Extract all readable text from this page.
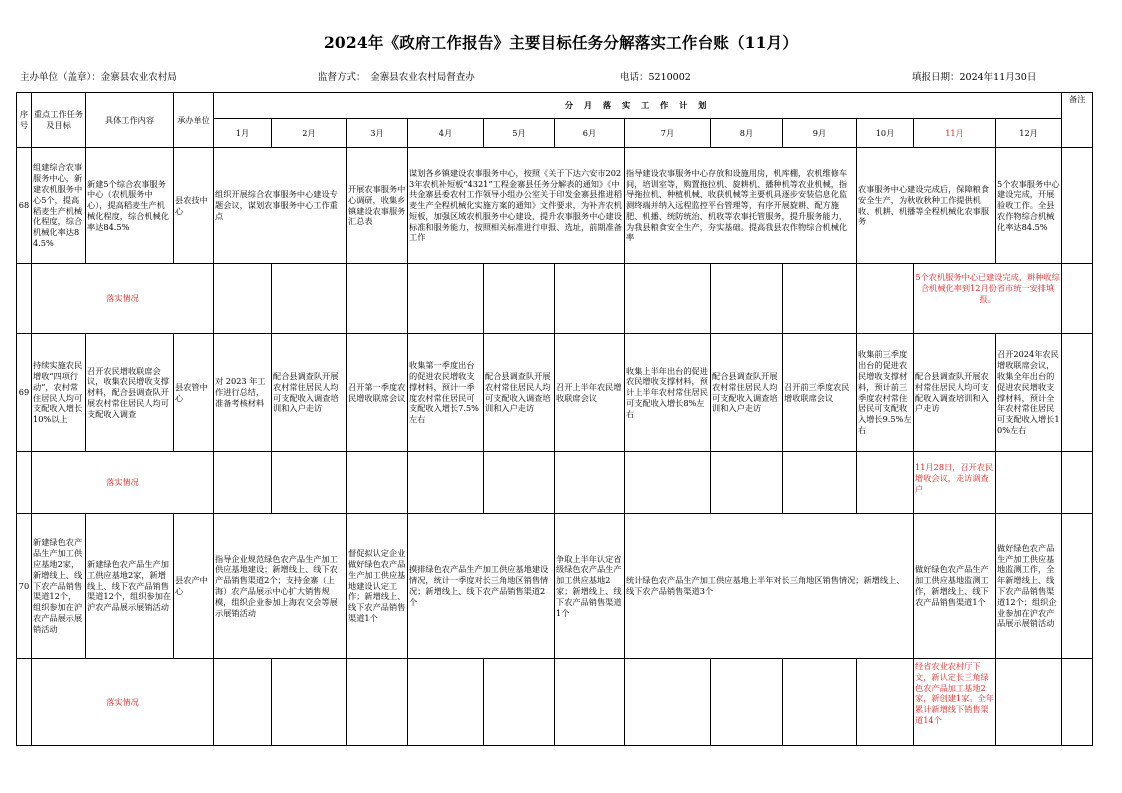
2024年《政府工作报告》主要目标任务分解落实工作台账（11月）
主办单位（盖章）：金寨县农业农村局	监督方式：　金寨县农业农村局督查办	电话：5210002	填报日期：2024年11月30日
序号	重点工作任务及目标	具体工作内容	承办单位	分 月 落 实 工 作 计 划												备注
				1月	2月	3月	4月	5月	6月	7月	8月	9月	10月	11月	12月	
68	组建综合农事服务中心，新建农机服务中心5个，提高稻麦生产机械化程度，综合机械化率达84.5%	新建5个综合农事服务中心（农机服务中心），提高稻麦生产机械化程度，综合机械化率达84.5%	县农技中心	组织开展综合农事服务中心建设专题会议，谋划农事服务中心工作重点		开展农事服务中心调研，收集乡镇建设农事服务汇总表	谋划各乡镇建设农事服务中心，按照《关于下达六安市2023年农机补短板“4321”工程金寨县任务分解表的通知》《中共金寨县委农村工作领导小组办公室关于印发金寨县推进稻麦生产全程机械化实施方案的通知》文件要求，为补齐农机短板，加强区域农机服务中心建设，提升农事服务中心建设标准和服务能力，按照相关标准进行申报、选址，前期准备工作			指导建设农事服务中心存放和设施用房，机库棚，农机维修车间，培训室等，购置拖拉机、旋耕机、播种机等农业机械，指导拖拉机、种植机械、收获机械等主要机具逐步安装信息化监测终端并纳入远程监控平台管理等，有序开展旋耕、配方施肥、机播、统防统治、机收等农事托管服务，提升服务能力，为我县粮食安全生产，夯实基础。提高我县农作物综合机械化率			农事服务中心建设完成后，保障粮食安全生产，为秋收秋种工作提供机收、机耕、机播等全程机械化农事服务		5个农事服务中心建设完成，开展验收工作。全县农作物综合机械化率达84.5%	
	落实情况													5个农机服务中心已建设完成，耕种收综合机械化率到12月份省市统一安排填报。		
69	持续实施农民增收“四项行动”，农村常住居民人均可支配收入增长10%以上	召开农民增收联席会议，收集农民增收支撑材料，配合县调查队开展农村常住居民人均可支配收入调查	县农管中心	对 2023 年工作进行总结，准备考核材料	配合县调查队开展农村常住居民人均可支配收入调查培训和入户走访	召开第一季度农民增收联席会议	收集第一季度出台的促进农民增收支撑材料，预计一季度农村常住居民可支配收入增长7.5%左右	配合县调查队开展农村常住居民人均可支配收入调查培训和入户走访	召开上半年农民增收联席会议	收集上半年出台的促进农民增收支撑材料，预计上半年农村常住居民可支配收入增长8%左右	配合县调查队开展农村常住居民人均可支配收入调查培训和入户走访	召开前三季度农民增收联席会议	收集前三季度出台的促进农民增收支撑材料，预计前三季度农村常住居民可支配收入增长9.5%左右	配合县调查队开展农村常住居民人均可支配收入调查培训和入户走访	召开2024年农民增收联席会议，收集全年出台的促进农民增收支撑材料，预计全年农村常住居民可支配收入增长10%左右	
	落实情况													11月28日，召开农民增收会议，走访调查户		
70	新建绿色农产品生产加工供应基地2家，新增线上、线下农产品销售渠道12个，组织参加在沪农产品展示展销活动	新建绿色农产品生产加工供应基地2家，新增线上、线下农产品销售渠道12个，组织参加在沪农产品展示展销活动	县农产中心	指导企业规范绿色农产品生产加工供应基地建设；新增线上、线下农产品销售渠道2个；支持金寨（上海）农产品展示中心扩大销售规模，组织企业参加上海农交会等展示展销活动		督促拟认定企业做好绿色农产品生产加工供应基地建设认定工作；新增线上、线下农产品销售渠道1个	摸排绿色农产品生产加工供应基地建设情况，统计一季度对长三角地区销售情况；新增线上、线下农产品销售渠道2个		争取上半年认定省级绿色农产品生产加工供应基地2家；新增线上、线下农产品销售渠道1个	统计绿色农产品生产加工供应基地上半年对长三角地区销售情况；新增线上、线下农产品销售渠道3个				做好绿色农产品生产加工供应基地监测工作，新增线上、线下农产品销售渠道1个	做好绿色农产品生产加工供应基地监测工作，全年新增线上、线下农产品销售渠道12个；组织企业参加在沪农产品展示展销活动	
	落实情况													经省农业农村厅下文，新认定长三角绿色农产品加工基地2家，新创建1家。全年累计新增线下销售渠道14个		
